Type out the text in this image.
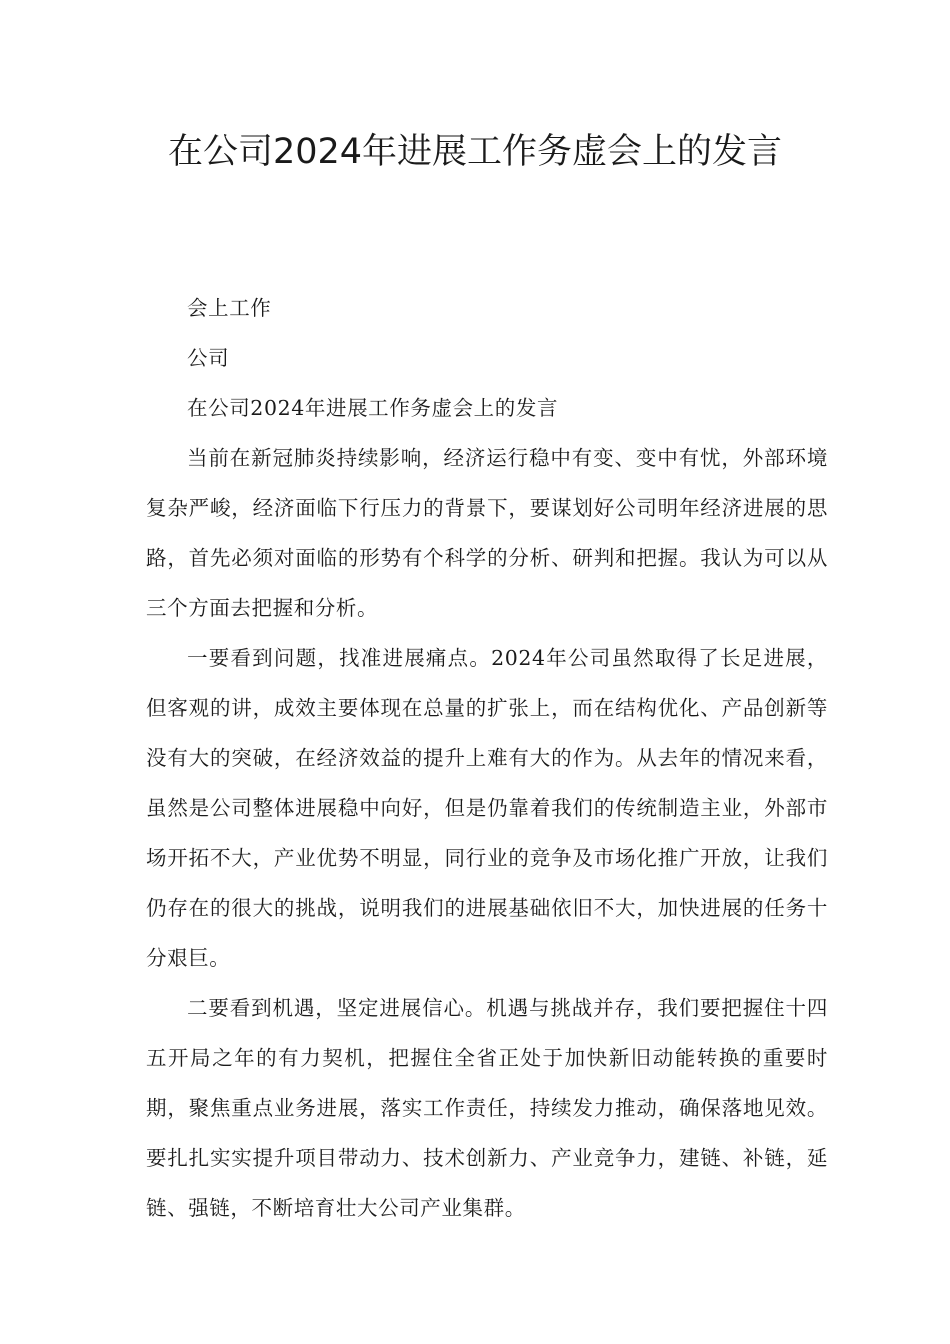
在公司2024年进展工作务虚会上的发言

会上工作

公司

在公司2024年进展工作务虚会上的发言

当前在新冠肺炎持续影响，经济运行稳中有变、变中有忧，外部环境复杂严峻，经济面临下行压力的背景下，要谋划好公司明年经济进展的思路，首先必须对面临的形势有个科学的分析、研判和把握。我认为可以从三个方面去把握和分析。

一要看到问题，找准进展痛点。2024年公司虽然取得了长足进展，但客观的讲，成效主要体现在总量的扩张上，而在结构优化、产品创新等没有大的突破，在经济效益的提升上难有大的作为。从去年的情况来看，虽然是公司整体进展稳中向好，但是仍靠着我们的传统制造主业，外部市场开拓不大，产业优势不明显，同行业的竞争及市场化推广开放，让我们仍存在的很大的挑战，说明我们的进展基础依旧不大，加快进展的任务十分艰巨。

二要看到机遇，坚定进展信心。机遇与挑战并存，我们要把握住十四五开局之年的有力契机，把握住全省正处于加快新旧动能转换的重要时期，聚焦重点业务进展，落实工作责任，持续发力推动，确保落地见效。要扎扎实实提升项目带动力、技术创新力、产业竞争力，建链、补链，延链、强链，不断培育壮大公司产业集群。
